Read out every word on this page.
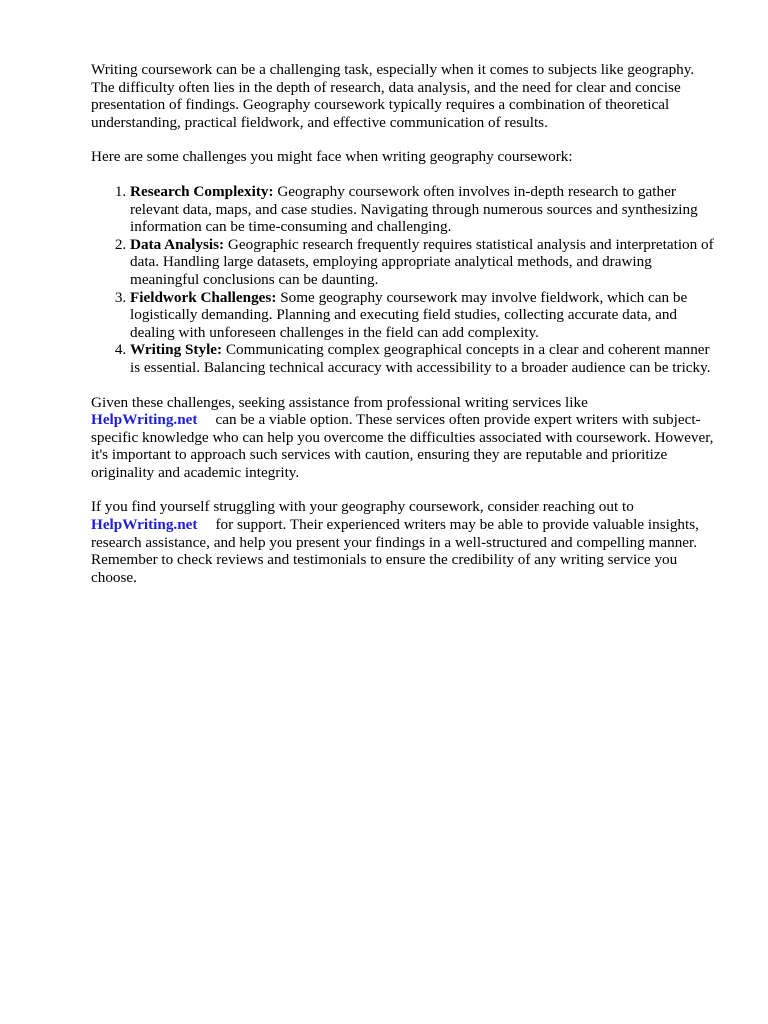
Writing coursework can be a challenging task, especially when it comes to subjects like geography. The difficulty often lies in the depth of research, data analysis, and the need for clear and concise presentation of findings. Geography coursework typically requires a combination of theoretical understanding, practical fieldwork, and effective communication of results.

Here are some challenges you might face when writing geography coursework:

1. Research Complexity: Geography coursework often involves in-depth research to gather relevant data, maps, and case studies. Navigating through numerous sources and synthesizing information can be time-consuming and challenging.
2. Data Analysis: Geographic research frequently requires statistical analysis and interpretation of data. Handling large datasets, employing appropriate analytical methods, and drawing meaningful conclusions can be daunting.
3. Fieldwork Challenges: Some geography coursework may involve fieldwork, which can be logistically demanding. Planning and executing field studies, collecting accurate data, and dealing with unforeseen challenges in the field can add complexity.
4. Writing Style: Communicating complex geographical concepts in a clear and coherent manner is essential. Balancing technical accuracy with accessibility to a broader audience can be tricky.

Given these challenges, seeking assistance from professional writing services like HelpWriting.net can be a viable option. These services often provide expert writers with subject-specific knowledge who can help you overcome the difficulties associated with coursework. However, it's important to approach such services with caution, ensuring they are reputable and prioritize originality and academic integrity.

If you find yourself struggling with your geography coursework, consider reaching out to HelpWriting.net for support. Their experienced writers may be able to provide valuable insights, research assistance, and help you present your findings in a well-structured and compelling manner. Remember to check reviews and testimonials to ensure the credibility of any writing service you choose.
